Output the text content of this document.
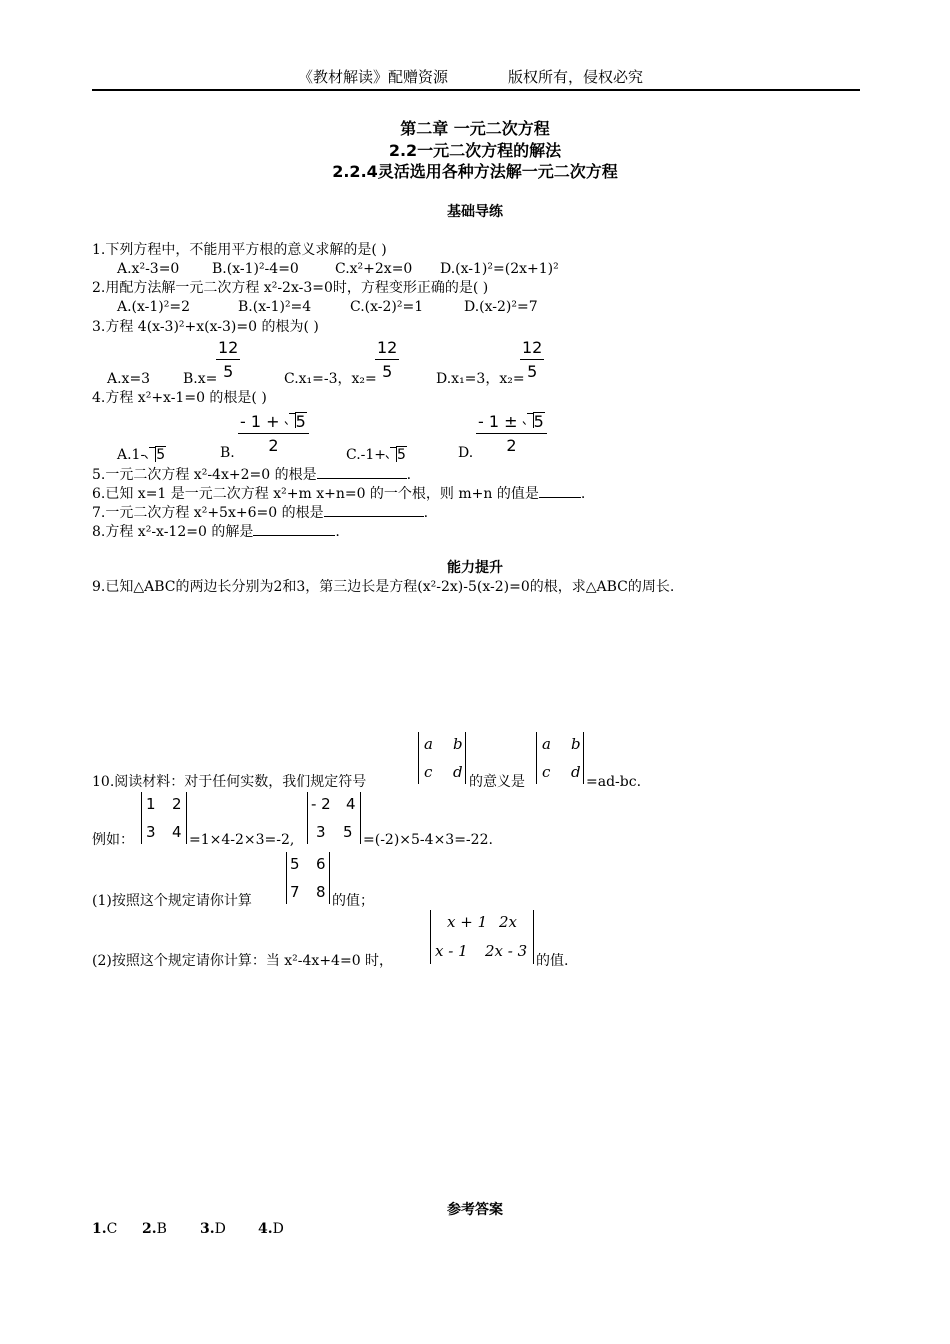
《教材解读》配赠资源	版权所有，侵权必究
第二章 一元二次方程
2.2一元二次方程的解法
2.2.4灵活选用各种方法解一元二次方程
基础导练
1.下列方程中，不能用平方根的意义求解的是( )
A.x²-3=0 B.(x-1)²-4=0	C.x²+2x=0 D.(x-1)²=(2x+1)²
2.用配方法解一元二次方程 x²-2x-3=0时，方程变形正确的是( )
A.(x-1)²=2	B.(x-1)²=4	C.(x-2)²=1	D.(x-2)²=7
3.方程 4(x-3)²+x(x-3)=0 的根为( )
A.x=3 B.x=
12
5	C.x₁=-3，x₂=
12
5	D.x₁=3，x₂=
12
5
4.方程 x²+x-1=0 的根是( )
A.1- 5	B.
- 1 + 5
2	C.-1+ 5	D.
- 1 ± 5
2
5.一元二次方程 x²-4x+2=0 的根是	.
6.已知 x=1 是一元二次方程 x²+m x+n=0 的一个根，则 m+n 的值是	.
7.一元二次方程 x²+5x+6=0 的根是	.
8.方程 x²-x-12=0 的解是	.
能力提升
9.已知△ABC的两边长分别为2和3，第三边长是方程(x²-2x)-5(x-2)=0的根，求△ABC的周长.
10.阅读材料：对于任何实数，我们规定符号
a b
c d
的意义是
a b
c d
=ad-bc.
例如：
1 2
3 4 =1×4-2×3=-2,
- 2 4
3 5 =(-2)×5-4×3=-22.
(1)按照这个规定请你计算
5 6
7 8 的值；
(2)按照这个规定请你计算：当 x²-4x+4=0 时，
x + 1 2x
x - 1 2x - 3
的值.
参考答案
1.C 2.B 3.D 4.D
